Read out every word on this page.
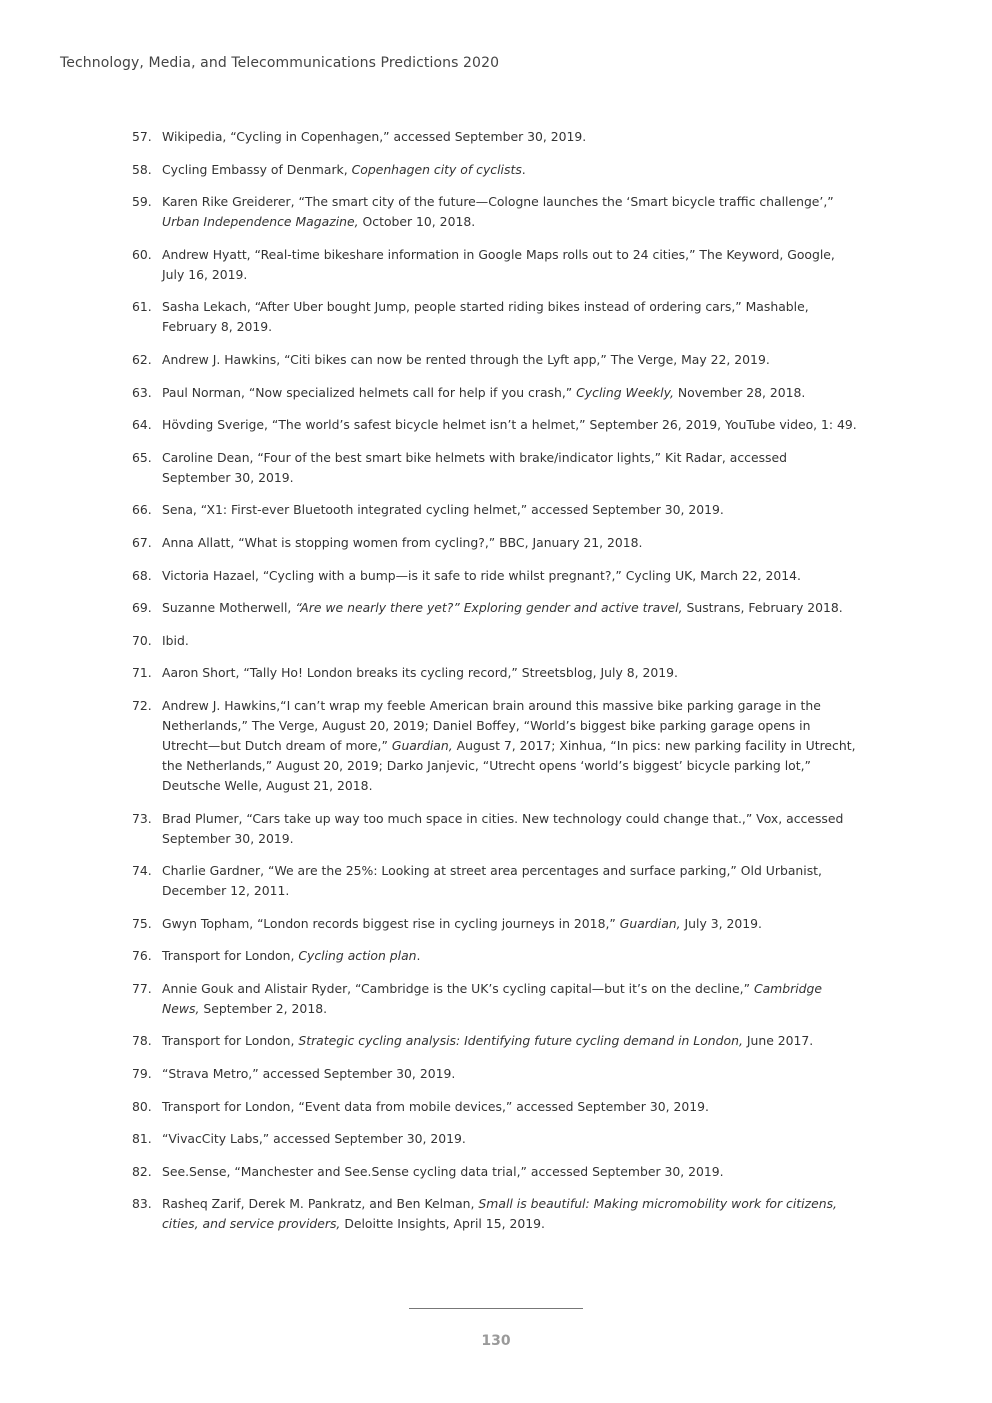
Technology, Media, and Telecommunications Predictions 2020
57. Wikipedia, “Cycling in Copenhagen,” accessed September 30, 2019.
58. Cycling Embassy of Denmark, Copenhagen city of cyclists.
59. Karen Rike Greiderer, “The smart city of the future—Cologne launches the ‘Smart bicycle traffic challenge’,” Urban Independence Magazine, October 10, 2018.
60. Andrew Hyatt, “Real-time bikeshare information in Google Maps rolls out to 24 cities,” The Keyword, Google, July 16, 2019.
61. Sasha Lekach, “After Uber bought Jump, people started riding bikes instead of ordering cars,” Mashable, February 8, 2019.
62. Andrew J. Hawkins, “Citi bikes can now be rented through the Lyft app,” The Verge, May 22, 2019.
63. Paul Norman, “Now specialized helmets call for help if you crash,” Cycling Weekly, November 28, 2018.
64. Hövding Sverige, “The world’s safest bicycle helmet isn’t a helmet,” September 26, 2019, YouTube video, 1: 49.
65. Caroline Dean, “Four of the best smart bike helmets with brake/indicator lights,” Kit Radar, accessed September 30, 2019.
66. Sena, “X1: First-ever Bluetooth integrated cycling helmet,” accessed September 30, 2019.
67. Anna Allatt, “What is stopping women from cycling?,” BBC, January 21, 2018.
68. Victoria Hazael, “Cycling with a bump—is it safe to ride whilst pregnant?,” Cycling UK, March 22, 2014.
69. Suzanne Motherwell, “Are we nearly there yet?” Exploring gender and active travel, Sustrans, February 2018.
70. Ibid.
71. Aaron Short, “Tally Ho! London breaks its cycling record,” Streetsblog, July 8, 2019.
72. Andrew J. Hawkins,“I can’t wrap my feeble American brain around this massive bike parking garage in the Netherlands,” The Verge, August 20, 2019; Daniel Boffey, “World’s biggest bike parking garage opens in Utrecht—but Dutch dream of more,” Guardian, August 7, 2017; Xinhua, “In pics: new parking facility in Utrecht, the Netherlands,” August 20, 2019; Darko Janjevic, “Utrecht opens ‘world’s biggest’ bicycle parking lot,” Deutsche Welle, August 21, 2018.
73. Brad Plumer, “Cars take up way too much space in cities. New technology could change that.,” Vox, accessed September 30, 2019.
74. Charlie Gardner, “We are the 25%: Looking at street area percentages and surface parking,” Old Urbanist, December 12, 2011.
75. Gwyn Topham, “London records biggest rise in cycling journeys in 2018,” Guardian, July 3, 2019.
76. Transport for London, Cycling action plan.
77. Annie Gouk and Alistair Ryder, “Cambridge is the UK’s cycling capital—but it’s on the decline,” Cambridge News, September 2, 2018.
78. Transport for London, Strategic cycling analysis: Identifying future cycling demand in London, June 2017.
79. “Strava Metro,” accessed September 30, 2019.
80. Transport for London, “Event data from mobile devices,” accessed September 30, 2019.
81. “VivacCity Labs,” accessed September 30, 2019.
82. See.Sense, “Manchester and See.Sense cycling data trial,” accessed September 30, 2019.
83. Rasheq Zarif, Derek M. Pankratz, and Ben Kelman, Small is beautiful: Making micromobility work for citizens, cities, and service providers, Deloitte Insights, April 15, 2019.
130
